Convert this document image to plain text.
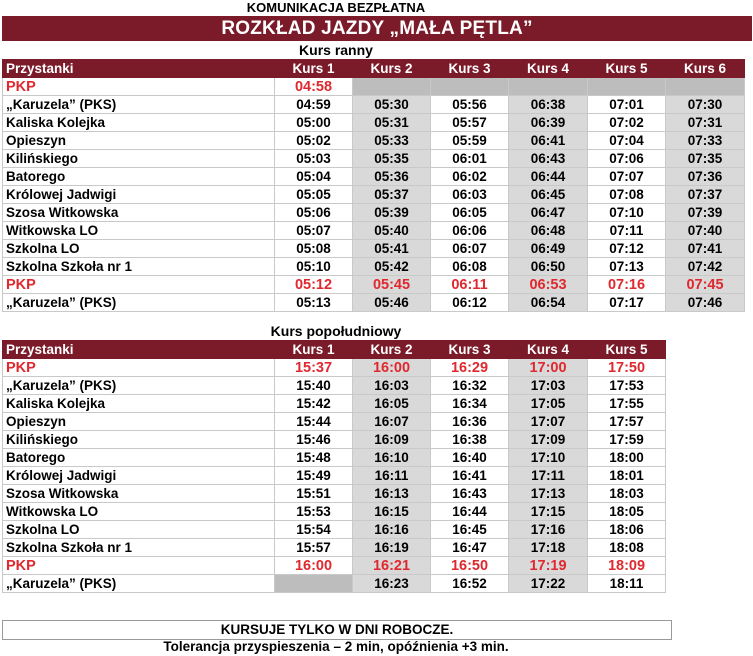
KOMUNIKACJA BEZPŁATNA
ROZKŁAD JAZDY „MAŁA PĘTLA”
Kurs ranny
Przystanki	Kurs 1	Kurs 2	Kurs 3	Kurs 4	Kurs 5	Kurs 6
PKP	04:58					
„Karuzela” (PKS)	04:59	05:30	05:56	06:38	07:01	07:30
Kaliska Kolejka	05:00	05:31	05:57	06:39	07:02	07:31
Opieszyn	05:02	05:33	05:59	06:41	07:04	07:33
Kilińskiego	05:03	05:35	06:01	06:43	07:06	07:35
Batorego	05:04	05:36	06:02	06:44	07:07	07:36
Królowej Jadwigi	05:05	05:37	06:03	06:45	07:08	07:37
Szosa Witkowska	05:06	05:39	06:05	06:47	07:10	07:39
Witkowska LO	05:07	05:40	06:06	06:48	07:11	07:40
Szkolna LO	05:08	05:41	06:07	06:49	07:12	07:41
Szkolna Szkoła nr 1	05:10	05:42	06:08	06:50	07:13	07:42
PKP	05:12	05:45	06:11	06:53	07:16	07:45
„Karuzela” (PKS)	05:13	05:46	06:12	06:54	07:17	07:46
Kurs popołudniowy
Przystanki	Kurs 1	Kurs 2	Kurs 3	Kurs 4	Kurs 5
PKP	15:37	16:00	16:29	17:00	17:50
„Karuzela” (PKS)	15:40	16:03	16:32	17:03	17:53
Kaliska Kolejka	15:42	16:05	16:34	17:05	17:55
Opieszyn	15:44	16:07	16:36	17:07	17:57
Kilińskiego	15:46	16:09	16:38	17:09	17:59
Batorego	15:48	16:10	16:40	17:10	18:00
Królowej Jadwigi	15:49	16:11	16:41	17:11	18:01
Szosa Witkowska	15:51	16:13	16:43	17:13	18:03
Witkowska LO	15:53	16:15	16:44	17:15	18:05
Szkolna LO	15:54	16:16	16:45	17:16	18:06
Szkolna Szkoła nr 1	15:57	16:19	16:47	17:18	18:08
PKP	16:00	16:21	16:50	17:19	18:09
„Karuzela” (PKS)		16:23	16:52	17:22	18:11
KURSUJE TYLKO W DNI ROBOCZE.
Tolerancja przyspieszenia – 2 min, opóźnienia +3 min.
